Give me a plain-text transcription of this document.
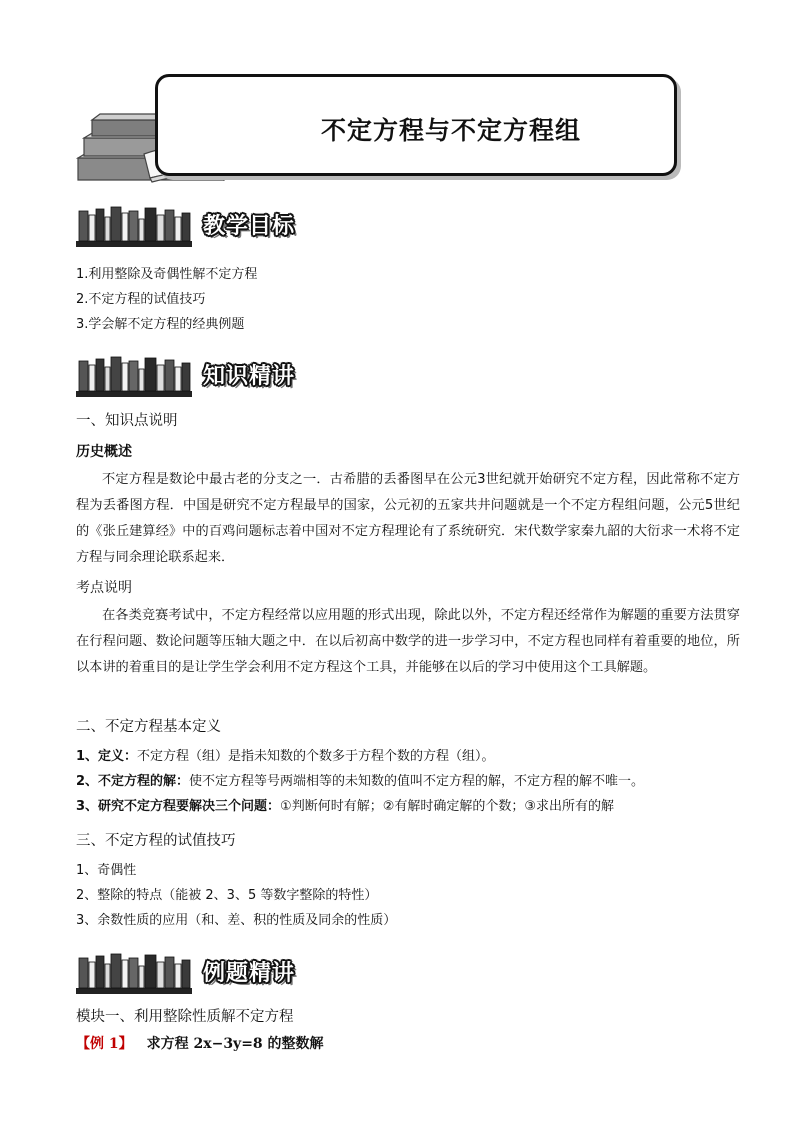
不定方程与不定方程组
教学目标
1.利用整除及奇偶性解不定方程
2.不定方程的试值技巧
3.学会解不定方程的经典例题
知识精讲
一、知识点说明
历史概述
不定方程是数论中最古老的分支之一．古希腊的丢番图早在公元3世纪就开始研究不定方程，因此常称不定方程为丢番图方程．中国是研究不定方程最早的国家，公元初的五家共井问题就是一个不定方程组问题，公元5世纪的《张丘建算经》中的百鸡问题标志着中国对不定方程理论有了系统研究．宋代数学家秦九韶的大衍求一术将不定方程与同余理论联系起来．
考点说明
在各类竞赛考试中，不定方程经常以应用题的形式出现，除此以外，不定方程还经常作为解题的重要方法贯穿在行程问题、数论问题等压轴大题之中．在以后初高中数学的进一步学习中，不定方程也同样有着重要的地位，所以本讲的着重目的是让学生学会利用不定方程这个工具，并能够在以后的学习中使用这个工具解题。
二、不定方程基本定义
1、定义：不定方程（组）是指未知数的个数多于方程个数的方程（组）。
2、不定方程的解：使不定方程等号两端相等的未知数的值叫不定方程的解，不定方程的解不唯一。
3、研究不定方程要解决三个问题：①判断何时有解；②有解时确定解的个数；③求出所有的解
三、不定方程的试值技巧
1、奇偶性
2、整除的特点（能被 2、3、5 等数字整除的特性）
3、余数性质的应用（和、差、积的性质及同余的性质）
例题精讲
模块一、利用整除性质解不定方程
【例 1】 求方程 2x−3y=8 的整数解
